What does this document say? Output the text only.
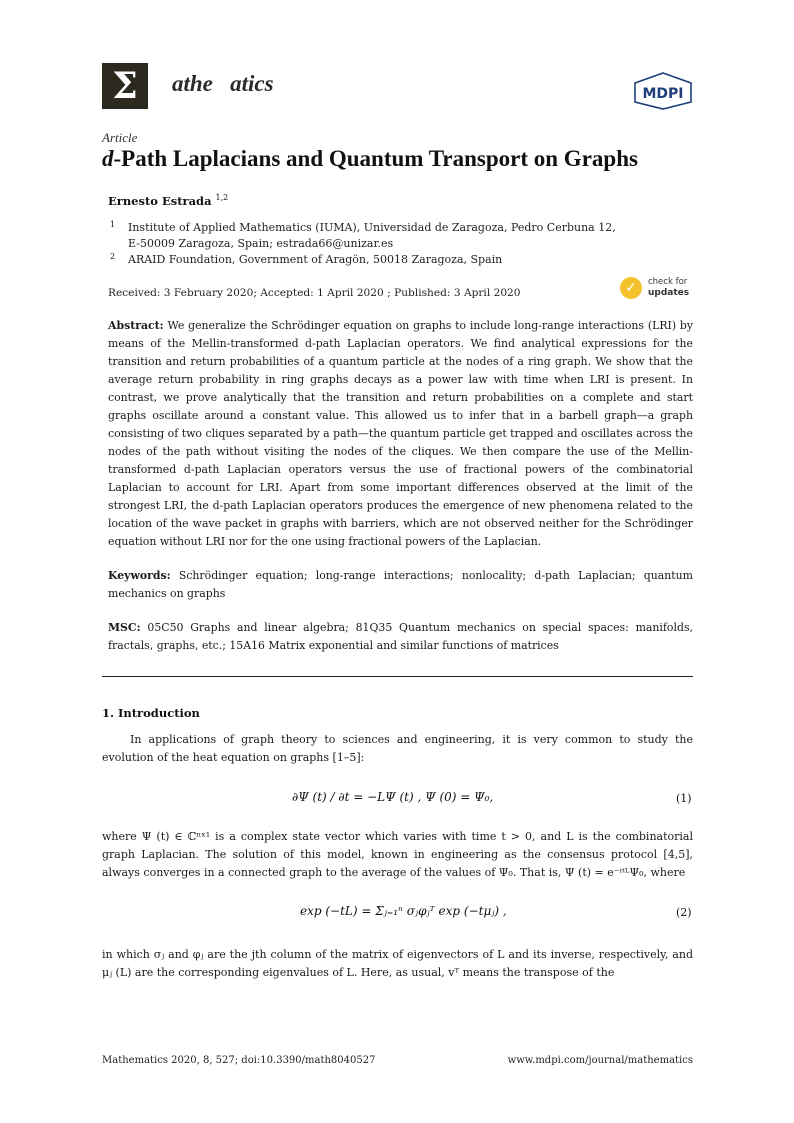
Σ athe   atics	MDPI
Article
d-Path Laplacians and Quantum Transport on Graphs
Ernesto Estrada $^{1,2}$
1	Institute of Applied Mathematics (IUMA), Universidad de Zaragoza, Pedro Cerbuna 12,
E-50009 Zaragoza, Spain; estrada66@unizar.es
2	ARAID Foundation, Government of Aragön, 50018 Zaragoza, Spain
Received: 3 February 2020; Accepted: 1 April 2020 ; Published: 3 April 2020	✓	check for
updates
Abstract: We generalize the Schrödinger equation on graphs to include long-range interactions (LRI) by means of the Mellin-transformed d-path Laplacian operators. We find analytical expressions for the transition and return probabilities of a quantum particle at the nodes of a ring graph. We show that the average return probability in ring graphs decays as a power law with time when LRI is present. In contrast, we prove analytically that the transition and return probabilities on a complete and start graphs oscillate around a constant value. This allowed us to infer that in a barbell graph—a graph consisting of two cliques separated by a path—the quantum particle get trapped and oscillates across the nodes of the path without visiting the nodes of the cliques. We then compare the use of the Mellin-transformed d-path Laplacian operators versus the use of fractional powers of the combinatorial Laplacian to account for LRI. Apart from some important differences observed at the limit of the strongest LRI, the d-path Laplacian operators produces the emergence of new phenomena related to the location of the wave packet in graphs with barriers, which are not observed neither for the Schrödinger equation without LRI nor for the one using fractional powers of the Laplacian.
Keywords: Schrödinger equation; long-range interactions; nonlocality; d-path Laplacian; quantum mechanics on graphs
MSC: 05C50 Graphs and linear algebra; 81Q35 Quantum mechanics on special spaces: manifolds, fractals, graphs, etc.; 15A16 Matrix exponential and similar functions of matrices
1. Introduction
In applications of graph theory to sciences and engineering, it is very common to study the evolution of the heat equation on graphs [1–5]:
∂Ψ (t) / ∂t = −LΨ (t) , Ψ (0) = Ψ₀,	(1)
where Ψ (t) ∈ ℂⁿˣ¹ is a complex state vector which varies with time t > 0, and L is the combinatorial graph Laplacian. The solution of this model, known in engineering as the consensus protocol [4,5], always converges in a connected graph to the average of the values of Ψ₀. That is, Ψ (t) = e⁻ᶦᵗᴸΨ₀, where
exp (−tL) = Σⱼ₌₁ⁿ σⱼφⱼᵀ exp (−tμⱼ) ,	(2)
in which σⱼ and φⱼ are the jth column of the matrix of eigenvectors of L and its inverse, respectively, and μⱼ (L) are the corresponding eigenvalues of L. Here, as usual, vᵀ means the transpose of the
Mathematics 2020, 8, 527; doi:10.3390/math8040527	www.mdpi.com/journal/mathematics
